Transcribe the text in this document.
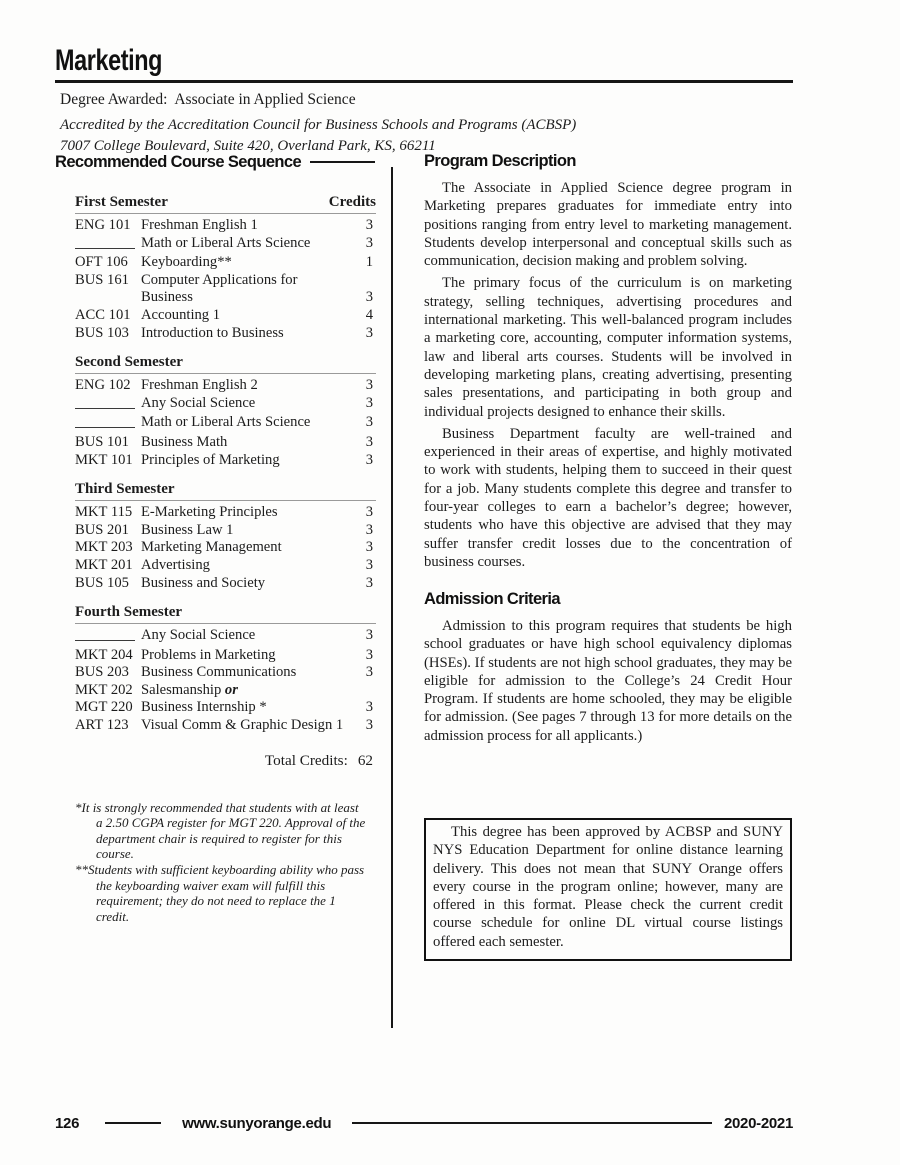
Marketing
Degree Awarded:  Associate in Applied Science
Accredited by the Accreditation Council for Business Schools and Programs (ACBSP)
7007 College Boulevard, Suite 420, Overland Park, KS, 66211
Recommended Course Sequence
First Semester	Credits
ENG 101 Freshman English 1	3
Math or Liberal Arts Science	3
OFT 106 Keyboarding**	1
BUS 161 Computer Applications for
Business	3
ACC 101 Accounting 1	4
BUS 103 Introduction to Business	3
Second Semester
ENG 102 Freshman English 2	3
Any Social Science	3
Math or Liberal Arts Science	3
BUS 101 Business Math	3
MKT 101 Principles of Marketing	3
Third Semester
MKT 115 E-Marketing Principles	3
BUS 201 Business Law 1	3
MKT 203 Marketing Management	3
MKT 201 Advertising	3
BUS 105 Business and Society	3
Fourth Semester
Any Social Science	3
MKT 204 Problems in Marketing	3
BUS 203 Business Communications	3
MKT 202 Salesmanship or
MGT 220 Business Internship *	3
ART 123 Visual Comm & Graphic Design 1	3
Total Credits: 62
*It is strongly recommended that students with at least a 2.50 CGPA register for MGT 220. Approval of the department chair is required to register for this course.
**Students with sufficient keyboarding ability who pass the keyboarding waiver exam will fulfill this requirement; they do not need to replace the 1 credit.
Program Description

The Associate in Applied Science degree program in Marketing prepares graduates for immediate entry into positions ranging from entry level to marketing management. Students develop interpersonal and conceptual skills such as communication, decision making and problem solving.

The primary focus of the curriculum is on marketing strategy, selling techniques, advertising procedures and international marketing. This well-balanced program includes a marketing core, accounting, computer information systems, law and liberal arts courses. Students will be involved in developing marketing plans, creating advertising, presenting sales presentations, and participating in both group and individual projects designed to enhance their skills.

Business Department faculty are well-trained and experienced in their areas of expertise, and highly motivated to work with students, helping them to succeed in their quest for a job. Many students complete this degree and transfer to four-year colleges to earn a bachelor’s degree; however, students who have this objective are advised that they may suffer transfer credit losses due to the concentration of business courses.

Admission Criteria

Admission to this program requires that students be high school graduates or have high school equivalency diplomas (HSEs). If students are not high school graduates, they may be eligible for admission to the College’s 24 Credit Hour Program. If students are home schooled, they may be eligible for admission. (See pages 7 through 13 for more details on the admission process for all applicants.)

This degree has been approved by ACBSP and SUNY NYS Education Department for online distance learning delivery. This does not mean that SUNY Orange offers every course in the program online; however, many are offered in this format. Please check the current credit course schedule for online DL virtual course listings offered each semester.

126	www.sunyorange.edu	2020-2021
